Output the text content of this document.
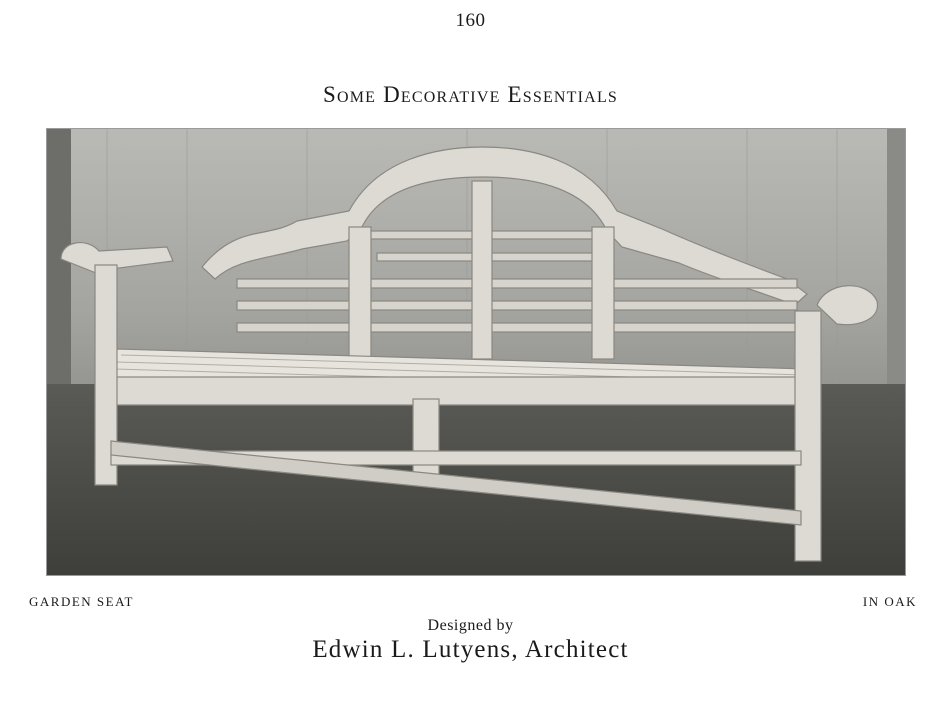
160
Some Decorative Essentials
GARDEN SEAT	IN OAK
Designed by
Edwin L. Lutyens, Architect
